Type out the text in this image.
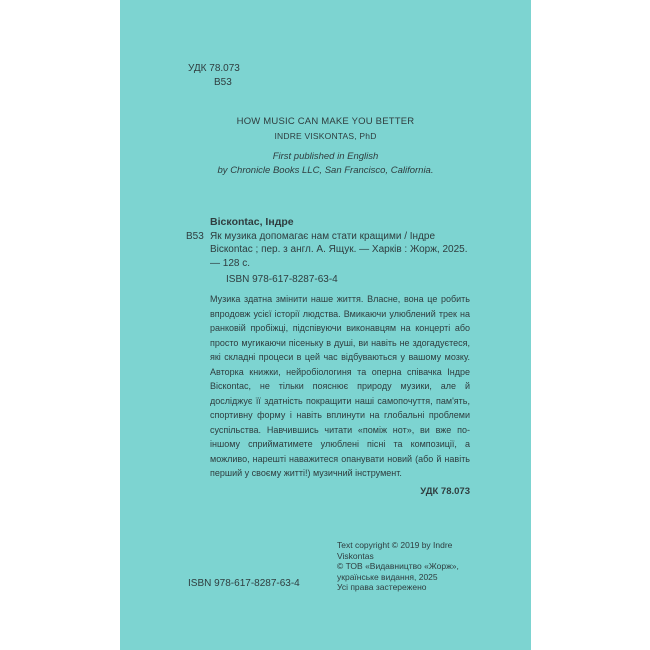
УДК 78.073
В53
HOW MUSIC CAN MAKE YOU BETTER
INDRE VISKONTAS, PhD
First published in English
by Chronicle Books LLC, San Francisco, California.
Віскontас, Індре
В53 Як музика допомагає нам стати кращими / Індре Віскontас ; пер. з англ. А. Ящук. — Харків : Жорж, 2025. — 128 с.
ISBN 978-617-8287-63-4
Музика здатна змінити наше життя. Власне, вона це робить впродовж усієї історії людства. Вмикаючи улюблений трек на ранковій пробіжці, підспівуючи виконавцям на концерті або просто мугикаючи пісеньку в душі, ви навіть не здогадуєтеся, які складні процеси в цей час відбуваються у вашому мозку. Авторка книжки, нейробіологиня та оперна співачка Індре Віскontас, не тільки пояснює природу музики, але й досліджує її здатність покращити наші самопочуття, пам'ять, спортивну форму і навіть вплинути на глобальні проблеми суспільства. Навчившись читати «поміж нот», ви вже по-іншому сприйматимете улюблені пісні та композиції, а можливо, нарешті наважитеся опанувати новий (або й навіть перший у своєму житті!) музичний інструмент.
УДК 78.073
ISBN 978-617-8287-63-4
Text copyright © 2019 by Indre Viskontas
© ТОВ «Видавництво «Жорж», українське видання, 2025
Усі права застережено
